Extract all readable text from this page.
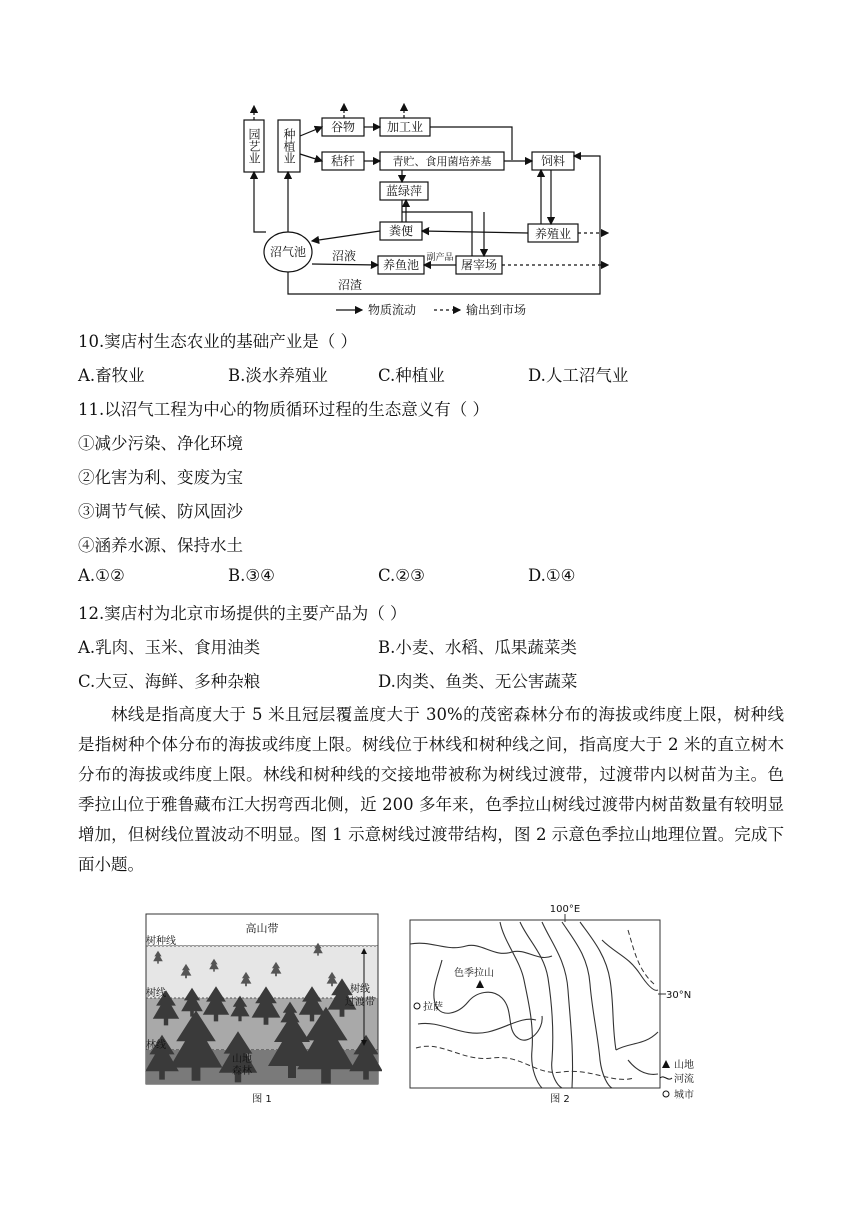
园艺业 种植业
谷物
秸秆
加工业
青贮、食用菌培养基	饲料
蓝绿萍
粪便	养殖业
沼气池
养鱼池	屠宰场
沼液
沼渣
副产品
物质流动	输出到市场
10.窦店村生态农业的基础产业是（ ）
A.畜牧业	B.淡水养殖业	C.种植业	D.人工沼气业
11.以沼气工程为中心的物质循环过程的生态意义有（ ）
①减少污染、净化环境
②化害为利、变废为宝
③调节气候、防风固沙
④涵养水源、保持水土
A.①②	B.③④	C.②③	D.①④
12.窦店村为北京市场提供的主要产品为（ ）
A.乳肉、玉米、食用油类	B.小麦、水稻、瓜果蔬菜类
C.大豆、海鲜、多种杂粮	D.肉类、鱼类、无公害蔬菜
林线是指高度大于 5 米且冠层覆盖度大于 30%的茂密森林分布的海拔或纬度上限，树种线是指树种个体分布的海拔或纬度上限。树线位于林线和树种线之间，指高度大于 2 米的直立树木分布的海拔或纬度上限。林线和树种线的交接地带被称为树线过渡带，过渡带内以树苗为主。色季拉山位于雅鲁藏布江大拐弯西北侧，近 200 多年来，色季拉山树线过渡带内树苗数量有较明显增加，但树线位置波动不明显。图 1 示意树线过渡带结构，图 2 示意色季拉山地理位置。完成下面小题。
高山带
树种线
树线
林线
树线
过渡带
山地
森林
图 1
100°E
30°N
拉萨
色季拉山
山地
河流
城市
图 2
